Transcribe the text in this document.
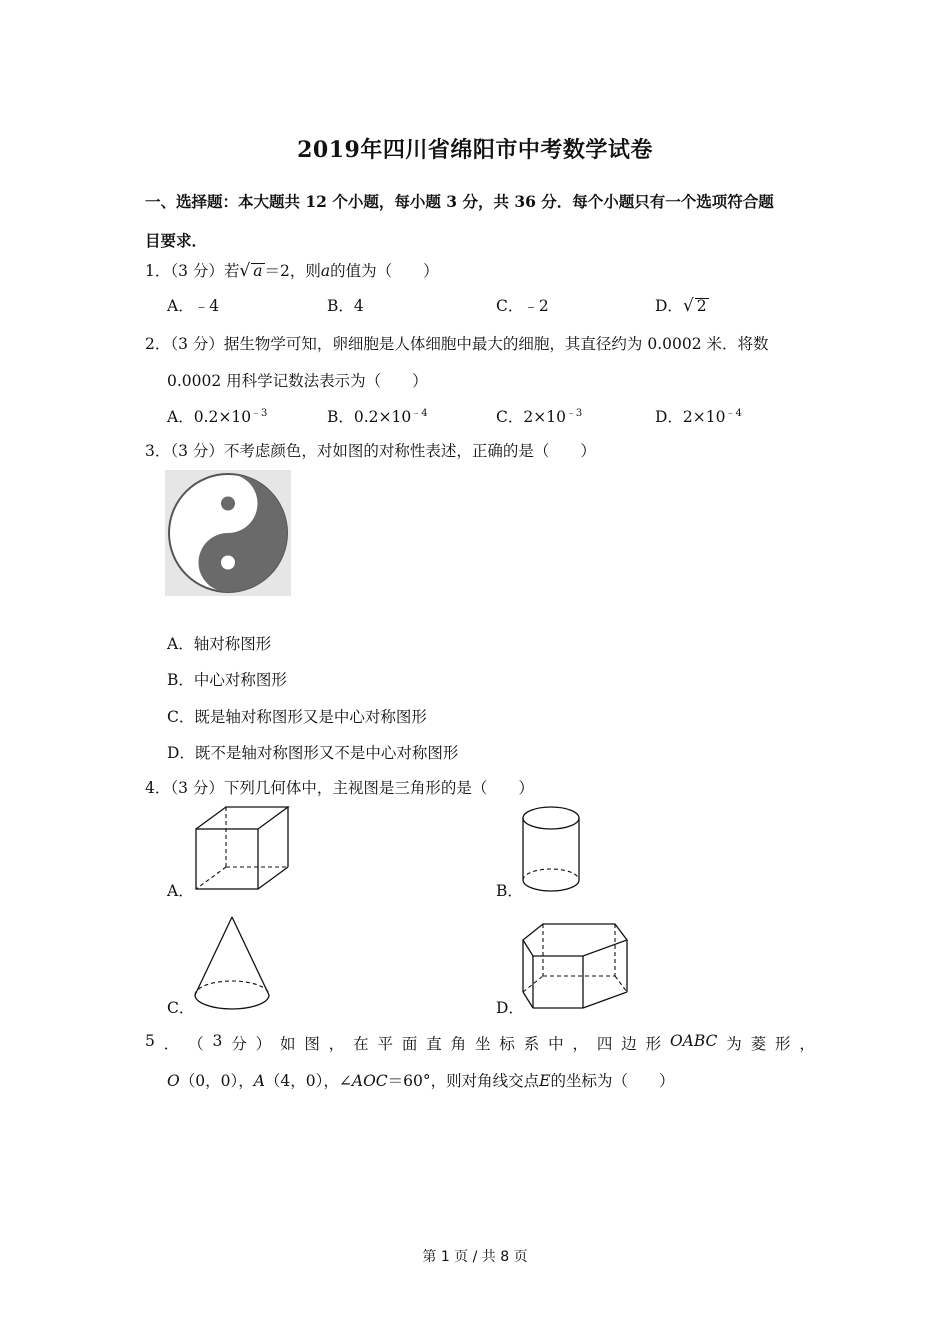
2019年四川省绵阳市中考数学试卷
一、选择题：本大题共 12 个小题，每小题 3 分，共 36 分．每个小题只有一个选项符合题
目要求．
1．（3 分）若√ a ＝2，则a的值为（　　）
A．﹣4	B．4	C．﹣2	D．√ 2
2．（3 分）据生物学可知，卵细胞是人体细胞中最大的细胞，其直径约为 0.0002 米．将数
0.0002 用科学记数法表示为（　　）
A．$0.2\times 10^{﹣3}$	B．$0.2\times 10^{﹣4}$	C．$2\times 10^{﹣3}$	D．$2\times 10^{﹣4}$
3．（3 分）不考虑颜色，对如图的对称性表述，正确的是（　　）
A．轴对称图形
B．中心对称图形
C．既是轴对称图形又是中心对称图形
D．既不是轴对称图形又不是中心对称图形
4．（3 分）下列几何体中，主视图是三角形的是（　　）
A．	B．
C．	D．
5 ． （ 3 分 ） 如 图 ， 在 平 面 直 角 坐 标 系 中 ， 四 边 形 OABC 为 菱 形 ，
O（0，0），A（4，0），∠AOC＝60°，则对角线交点E的坐标为（　　）
第 1 页 / 共 8 页
